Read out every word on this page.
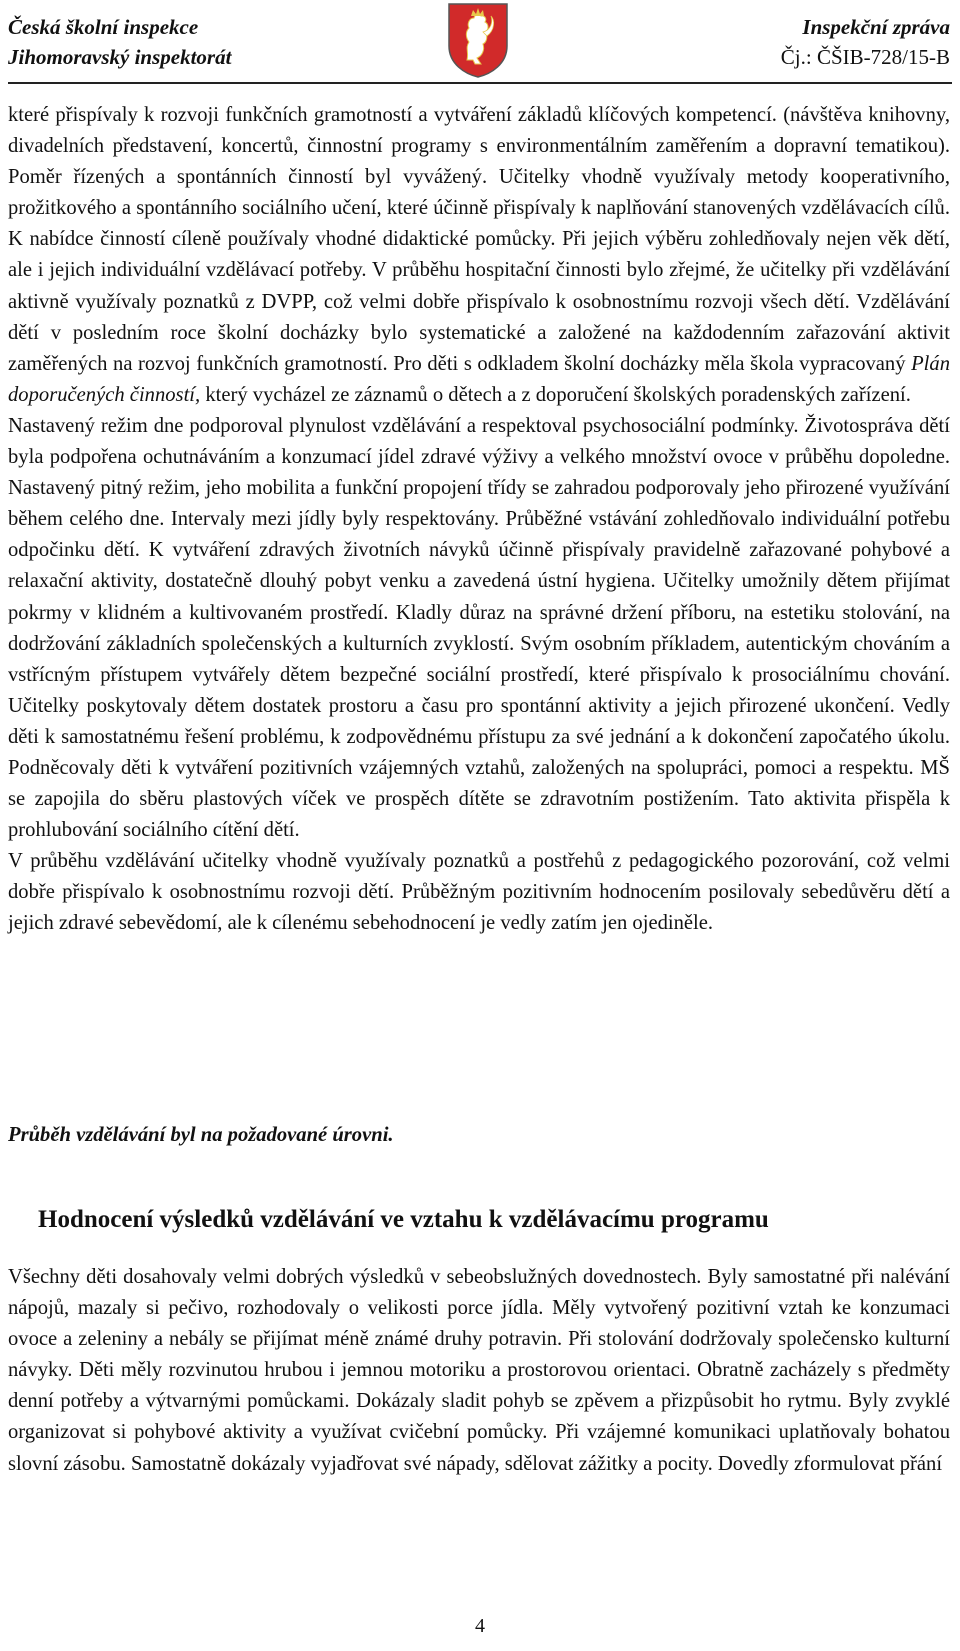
Česká školní inspekce
Jihomoravský inspektorát
Inspekční zpráva
Čj.: ČŠIB-728/15-B

které přispívaly k rozvoji funkčních gramotností a vytváření základů klíčových kompetencí. (návštěva knihovny, divadelních představení, koncertů, činnostní programy s environmentálním zaměřením a dopravní tematikou). Poměr řízených a spontánních činností byl vyvážený. Učitelky vhodně využívaly metody kooperativního, prožitkového a spontánního sociálního učení, které účinně přispívaly k naplňování stanovených vzdělávacích cílů. K nabídce činností cíleně používaly vhodné didaktické pomůcky. Při jejich výběru zohledňovaly nejen věk dětí, ale i jejich individuální vzdělávací potřeby. V průběhu hospitační činnosti bylo zřejmé, že učitelky při vzdělávání aktivně využívaly poznatků z DVPP, což velmi dobře přispívalo k osobnostnímu rozvoji všech dětí. Vzdělávání dětí v posledním roce školní docházky bylo systematické a založené na každodenním zařazování aktivit zaměřených na rozvoj funkčních gramotností. Pro děti s odkladem školní docházky měla škola vypracovaný Plán doporučených činností, který vycházel ze záznamů o dětech a z doporučení školských poradenských zařízení.

Nastavený režim dne podporoval plynulost vzdělávání a respektoval psychosociální podmínky. Životospráva dětí byla podpořena ochutnáváním a konzumací jídel zdravé výživy a velkého množství ovoce v průběhu dopoledne. Nastavený pitný režim, jeho mobilita a funkční propojení třídy se zahradou podporovaly jeho přirozené využívání během celého dne. Intervaly mezi jídly byly respektovány. Průběžné vstávání zohledňovalo individuální potřebu odpočinku dětí. K vytváření zdravých životních návyků účinně přispívaly pravidelně zařazované pohybové a relaxační aktivity, dostatečně dlouhý pobyt venku a zavedená ústní hygiena. Učitelky umožnily dětem přijímat pokrmy v klidném a kultivovaném prostředí. Kladly důraz na správné držení příboru, na estetiku stolování, na dodržování základních společenských a kulturních zvyklostí. Svým osobním příkladem, autentickým chováním a vstřícným přístupem vytvářely dětem bezpečné sociální prostředí, které přispívalo k prosociálnímu chování. Učitelky poskytovaly dětem dostatek prostoru a času pro spontánní aktivity a jejich přirozené ukončení. Vedly děti k samostatnému řešení problému, k zodpovědnému přístupu za své jednání a k dokončení započatého úkolu. Podněcovaly děti k vytváření pozitivních vzájemných vztahů, založených na spolupráci, pomoci a respektu. MŠ se zapojila do sběru plastových víček ve prospěch dítěte se zdravotním postižením. Tato aktivita přispěla k prohlubování sociálního cítění dětí.

V průběhu vzdělávání učitelky vhodně využívaly poznatků a postřehů z pedagogického pozorování, což velmi dobře přispívalo k osobnostnímu rozvoji dětí. Průběžným pozitivním hodnocením posilovaly sebedůvěru dětí a jejich zdravé sebevědomí, ale k cílenému sebehodnocení je vedly zatím jen ojediněle.

Průběh vzdělávání byl na požadované úrovni.

Hodnocení výsledků vzdělávání ve vztahu k vzdělávacímu programu

Všechny děti dosahovaly velmi dobrých výsledků v sebeobslužných dovednostech. Byly samostatné při nalévání nápojů, mazaly si pečivo, rozhodovaly o velikosti porce jídla. Měly vytvořený pozitivní vztah ke konzumaci ovoce a zeleniny a nebály se přijímat méně známé druhy potravin. Při stolování dodržovaly společensko kulturní návyky. Děti měly rozvinutou hrubou i jemnou motoriku a prostorovou orientaci. Obratně zacházely s předměty denní potřeby a výtvarnými pomůckami. Dokázaly sladit pohyb se zpěvem a přizpůsobit ho rytmu. Byly zvyklé organizovat si pohybové aktivity a využívat cvičební pomůcky. Při vzájemné komunikaci uplatňovaly bohatou slovní zásobu. Samostatně dokázaly vyjadřovat své nápady, sdělovat zážitky a pocity. Dovedly zformulovat přání

4
